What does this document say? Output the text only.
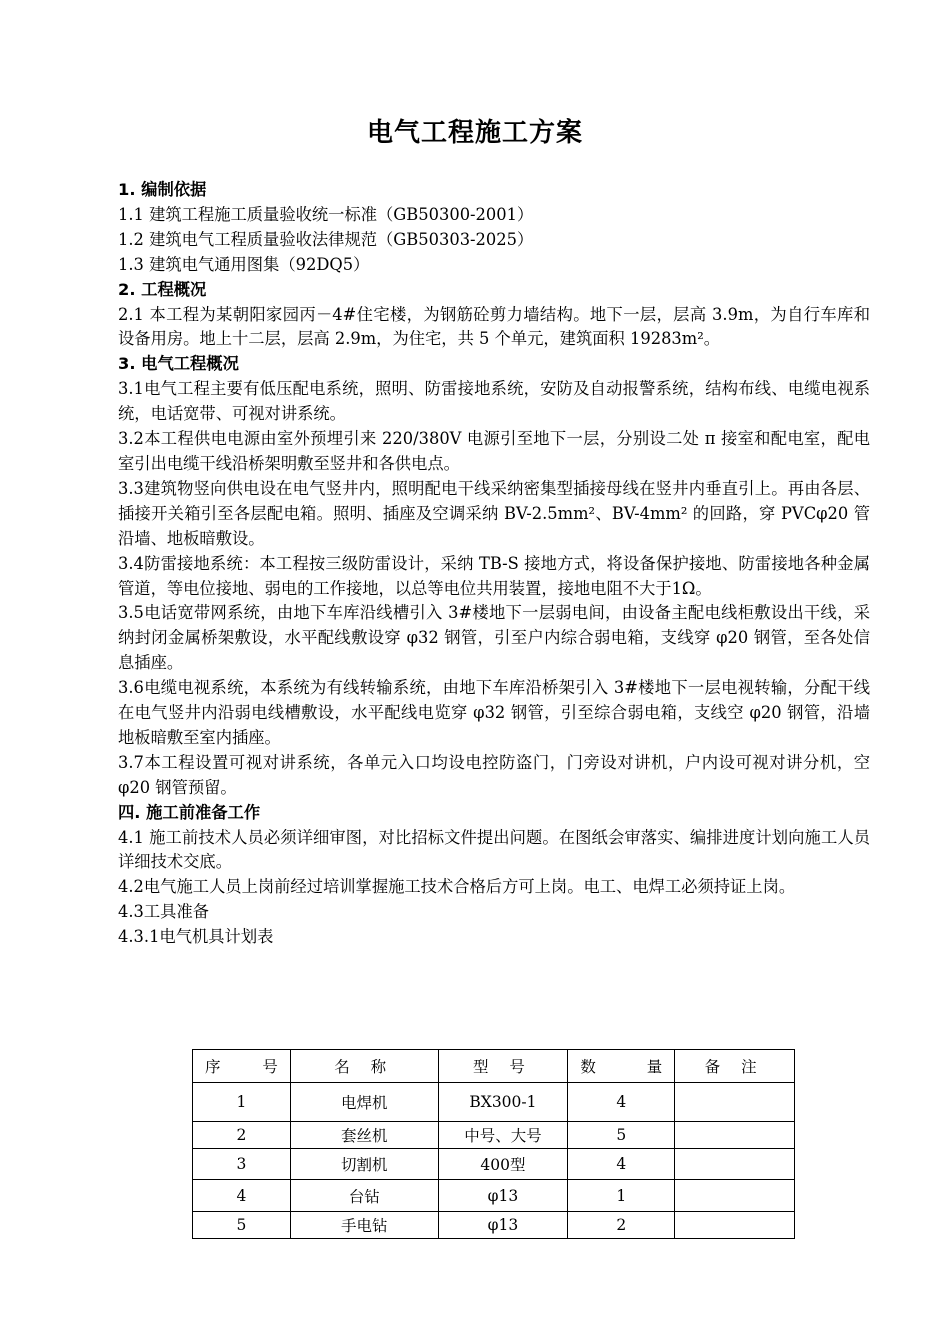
电气工程施工方案
1. 编制依据
1.1 建筑工程施工质量验收统一标准（GB50300-2001）
1.2 建筑电气工程质量验收法律规范（GB50303-2025）
1.3 建筑电气通用图集（92DQ5）
2. 工程概况
2.1 本工程为某朝阳家园丙－4#住宅楼，为钢筋砼剪力墙结构。地下一层，层高 3.9m，为自行车库和设备用房。地上十二层，层高 2.9m，为住宅，共 5 个单元，建筑面积 19283m²。
3. 电气工程概况
3.1电气工程主要有低压配电系统，照明、防雷接地系统，安防及自动报警系统，结构布线、电缆电视系统，电话宽带、可视对讲系统。
3.2本工程供电电源由室外预埋引来 220/380V 电源引至地下一层，分别设二处 π 接室和配电室，配电室引出电缆干线沿桥架明敷至竖井和各供电点。
3.3建筑物竖向供电设在电气竖井内，照明配电干线采纳密集型插接母线在竖井内垂直引上。再由各层、插接开关箱引至各层配电箱。照明、插座及空调采纳 BV-2.5mm²、BV-4mm² 的回路，穿 PVCφ20 管沿墙、地板暗敷设。
3.4防雷接地系统：本工程按三级防雷设计，采纳 TB-S 接地方式，将设备保护接地、防雷接地各种金属管道，等电位接地、弱电的工作接地，以总等电位共用装置，接地电阻不大于1Ω。
3.5电话宽带网系统，由地下车库沿线槽引入 3#楼地下一层弱电间，由设备主配电线柜敷设出干线，采纳封闭金属桥架敷设，水平配线敷设穿 φ32 钢管，引至户内综合弱电箱，支线穿 φ20 钢管，至各处信息插座。
3.6电缆电视系统，本系统为有线转输系统，由地下车库沿桥架引入 3#楼地下一层电视转输，分配干线在电气竖井内沿弱电线槽敷设，水平配线电览穿 φ32 钢管，引至综合弱电箱，支线空 φ20 钢管，沿墙地板暗敷至室内插座。
3.7本工程设置可视对讲系统，各单元入口均设电控防盗门，门旁设对讲机，户内设可视对讲分机，空 φ20 钢管预留。
四. 施工前准备工作
4.1 施工前技术人员必须详细审图，对比招标文件提出问题。在图纸会审落实、编排进度计划向施工人员详细技术交底。
4.2电气施工人员上岗前经过培训掌握施工技术合格后方可上岗。电工、电焊工必须持证上岗。
4.3工具准备
4.3.1电气机具计划表
序 号	名 称	型 号	数 量	备 注
1	电焊机	BX300-1	4	
2	套丝机	中号、大号	5	
3	切割机	400型	4	
4	台钻	φ13	1	
5	手电钻	φ13	2	
